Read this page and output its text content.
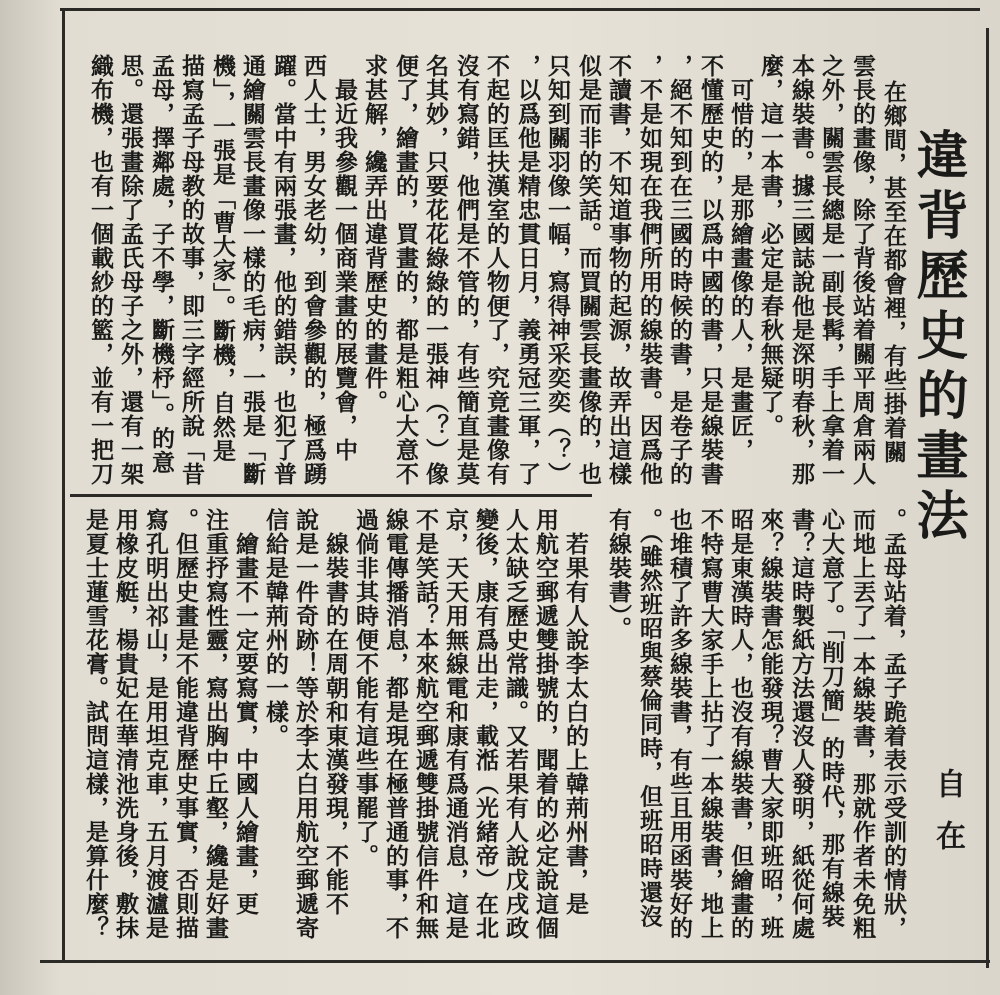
違背歷史的畫法
自在
在鄉間，甚至在都會裡，有些掛着關
雲長的畫像，除了背後站着關平周倉兩人
之外，關雲長總是一副長髯，手上拿着一
本線裝書。據三國誌說他是深明春秋，那
麼，這一本書，必定是春秋無疑了。
　可惜的，是那繪畫像的人，是畫匠，
不懂歷史的，以爲中國的書，只是線裝書
，絕不知到在三國的時候的書，是卷子的
，不是如現在我們所用的線裝書。因爲他
不讀書，不知道事物的起源，故弄出這樣
似是而非的笑話。而買關雲長畫像的，也
只知到關羽像一幅，寫得神采奕奕（？）
，以爲他是精忠貫日月，義勇冠三軍，了
不起的匡扶漢室的人物便了，究竟畫像有
沒有寫錯，他們是不管的，有些簡直是莫
名其妙，只要花花綠綠的一張神（？）像
便了，繪畫的，買畫的，都是粗心大意不
求甚解，纔弄出違背歷史的畫件。
　最近我參觀一個商業畫的展覽會，中
西人士，男女老幼，到會參觀的，極爲踴
躍。當中有兩張畫，他的錯誤，也犯了普
通繪關雲長畫像一樣的毛病，一張是「斷
機」，一張是「曹大家」。斷機，自然是
描寫孟子母教的故事，即三字經所說「昔
孟母，擇鄰處，子不學，斷機杼」。的意
思。還張畫除了孟氏母子之外，還有一架
織布機，也有一個載紗的籃，並有一把刀
。孟母站着，孟子跪着表示受訓的情狀，
而地上丟了一本線裝書，那就作者未免粗
心大意了。「削刀簡」的時代，那有線裝
書？這時製紙方法還沒人發明，紙從何處
來？線裝書怎能發現？曹大家即班昭，班
昭是東漢時人，也沒有線裝書，但繪畫的
不特寫曹大家手上拈了一本線裝書，地上
也堆積了許多線裝書，有些且用函裝好的
。（雖然班昭與蔡倫同時，但班昭時還沒
有線裝書）。
　若果有人說李太白的上韓荊州書，是
用航空郵遞雙掛號的，聞着的必定說這個
人太缺乏歷史常識。又若果有人說戊戌政
變後，康有爲出走，載湉（光緒帝）在北
京，天天用無線電和康有爲通消息，這是
不是笑話？本來航空郵遞雙掛號信件和無
線電傳播消息，都是現在極普通的事，不
過倘非其時便不能有這些事罷了。
　線裝書的在周朝和東漢發現，不能不
說是一件奇跡！等於李太白用航空郵遞寄
信給是韓荊州的一樣。
　繪畫不一定要寫實，中國人繪畫，更
注重抒寫性靈，寫出胸中丘壑，纔是好畫
。但歷史畫是不能違背歷史事實，否則描
寫孔明出祁山，是用坦克車，五月渡瀘是
用橡皮艇，楊貴妃在華清池洗身後，敷抹
是夏士蓮雪花膏。試問這樣，是算什麼？
